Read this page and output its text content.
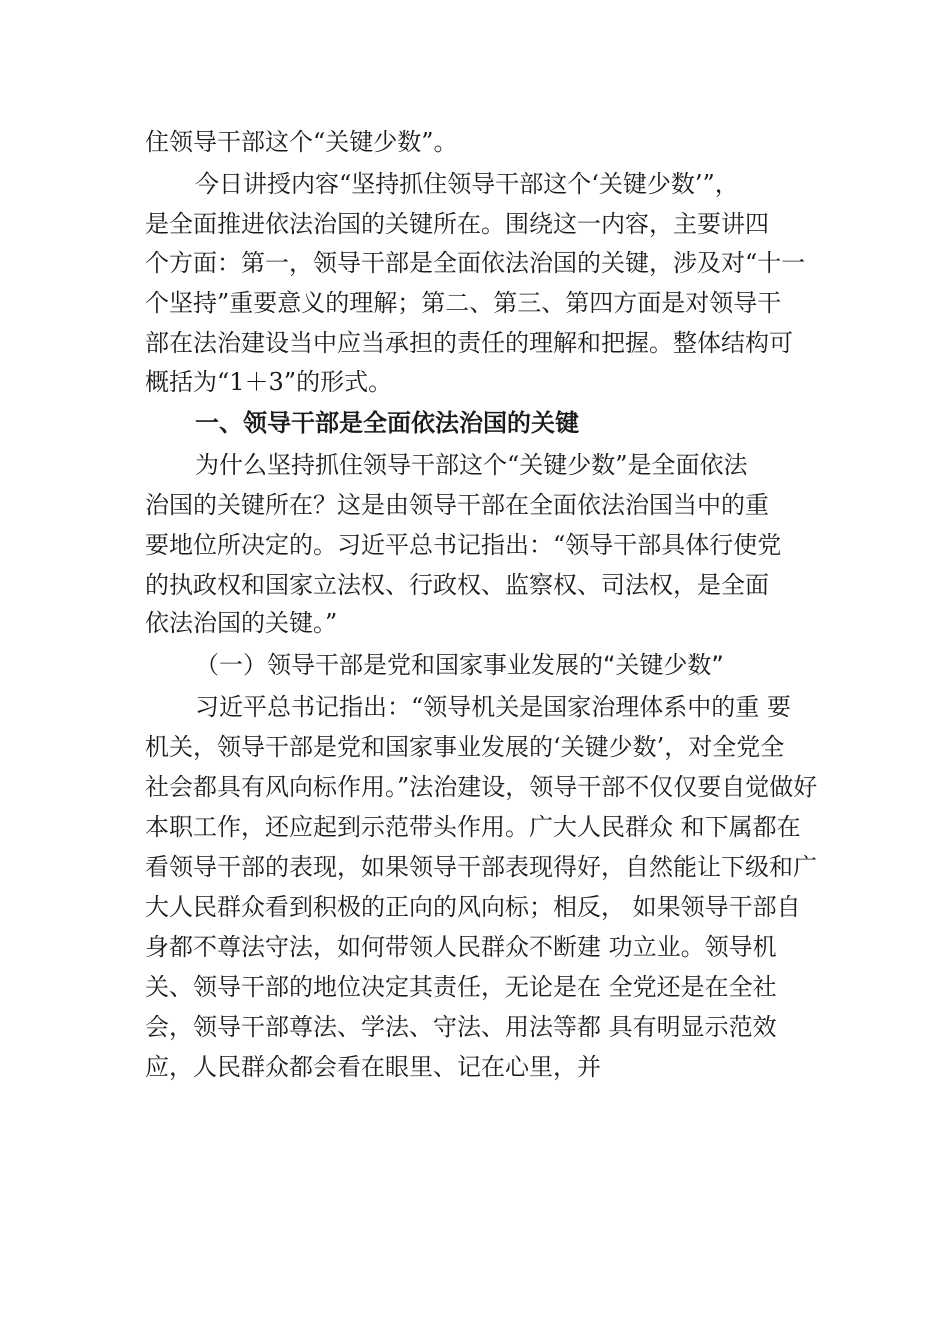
住领导干部这个“关键少数”。
今日讲授内容“坚持抓住领导干部这个‘关键少数’”，
是全面推进依法治国的关键所在。围绕这一内容，主要讲四
个方面：第一，领导干部是全面依法治国的关键，涉及对“十一
个坚持”重要意义的理解；第二、第三、第四方面是对领导干
部在法治建设当中应当承担的责任的理解和把握。整体结构可
概括为“1＋3”的形式。
一、领导干部是全面依法治国的关键
为什么坚持抓住领导干部这个“关键少数”是全面依法
治国的关键所在？这是由领导干部在全面依法治国当中的重
要地位所决定的。习近平总书记指出：“领导干部具体行使党
的执政权和国家立法权、行政权、监察权、司法权，是全面
依法治国的关键。”
（一）领导干部是党和国家事业发展的“关键少数”
习近平总书记指出：“领导机关是国家治理体系中的重 要
机关，领导干部是党和国家事业发展的‘关键少数’，对全党全
社会都具有风向标作用。”法治建设，领导干部不仅仅要自觉做好
本职工作，还应起到示范带头作用。广大人民群众 和下属都在
看领导干部的表现，如果领导干部表现得好，自然能让下级和广
大人民群众看到积极的正向的风向标；相反， 如果领导干部自
身都不尊法守法，如何带领人民群众不断建 功立业。领导机
关、领导干部的地位决定其责任，无论是在 全党还是在全社
会，领导干部尊法、学法、守法、用法等都 具有明显示范效
应，人民群众都会看在眼里、记在心里，并
